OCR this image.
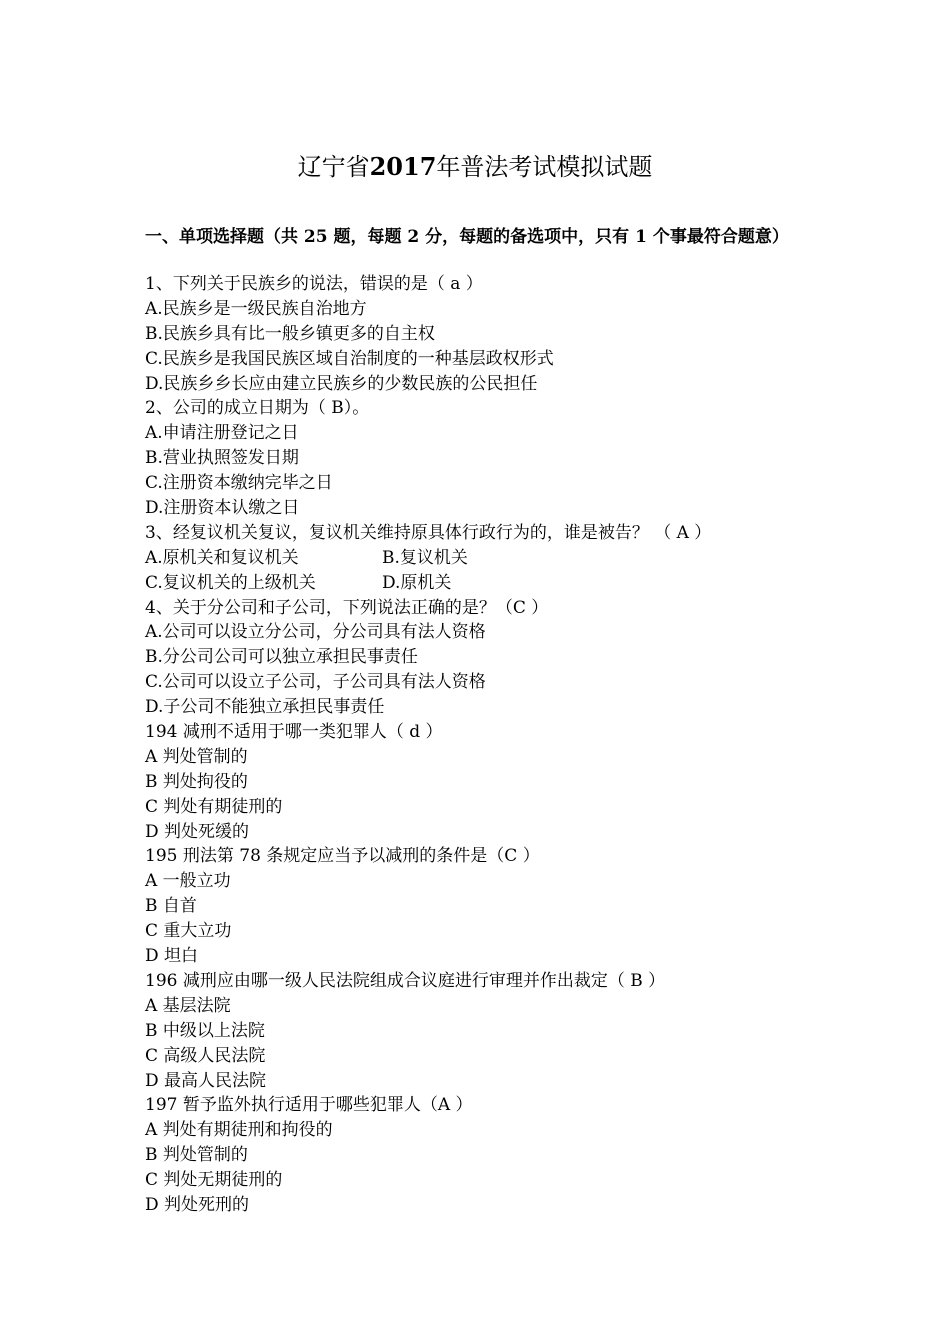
辽宁省2017年普法考试模拟试题
一、单项选择题（共 25 题，每题 2 分，每题的备选项中，只有 1 个事最符合题意）
1、下列关于民族乡的说法，错误的是（ a ）
A.民族乡是一级民族自治地方
B.民族乡具有比一般乡镇更多的自主权
C.民族乡是我国民族区域自治制度的一种基层政权形式
D.民族乡乡长应由建立民族乡的少数民族的公民担任
2、公司的成立日期为（ B）。
A.申请注册登记之日
B.营业执照签发日期
C.注册资本缴纳完毕之日
D.注册资本认缴之日
3、经复议机关复议，复议机关维持原具体行政行为的，谁是被告？ （ A ）
A.原机关和复议机关	B.复议机关
C.复议机关的上级机关	D.原机关
4、关于分公司和子公司，下列说法正确的是？（C ）
A.公司可以设立分公司，分公司具有法人资格
B.分公司公司可以独立承担民事责任
C.公司可以设立子公司，子公司具有法人资格
D.子公司不能独立承担民事责任
194 减刑不适用于哪一类犯罪人（ d ）
A 判处管制的
B 判处拘役的
C 判处有期徒刑的
D 判处死缓的
195 刑法第 78 条规定应当予以减刑的条件是（C ）
A 一般立功
B 自首
C 重大立功
D 坦白
196 减刑应由哪一级人民法院组成合议庭进行审理并作出裁定（ B ）
A 基层法院
B 中级以上法院
C 高级人民法院
D 最高人民法院
197 暂予监外执行适用于哪些犯罪人（A ）
A 判处有期徒刑和拘役的
B 判处管制的
C 判处无期徒刑的
D 判处死刑的
